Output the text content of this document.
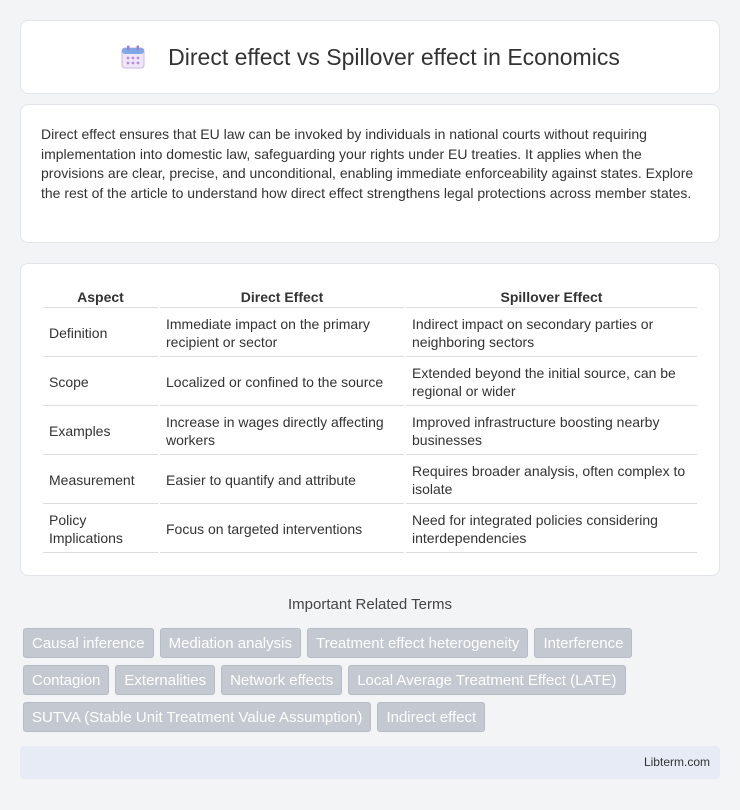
Direct effect vs Spillover effect in Economics

Direct effect ensures that EU law can be invoked by individuals in national courts without requiring implementation into domestic law, safeguarding your rights under EU treaties. It applies when the provisions are clear, precise, and unconditional, enabling immediate enforceability against states. Explore the rest of the article to understand how direct effect strengthens legal protections across member states.

Aspect	Direct Effect	Spillover Effect
Definition	Immediate impact on the primary recipient or sector	Indirect impact on secondary parties or neighboring sectors
Scope	Localized or confined to the source	Extended beyond the initial source, can be regional or wider
Examples	Increase in wages directly affecting workers	Improved infrastructure boosting nearby businesses
Measurement	Easier to quantify and attribute	Requires broader analysis, often complex to isolate
Policy Implications	Focus on targeted interventions	Need for integrated policies considering interdependencies
Important Related Terms
Causal inference	Mediation analysis	Treatment effect heterogeneity	Interference
Contagion	Externalities	Network effects	Local Average Treatment Effect (LATE)
SUTVA (Stable Unit Treatment Value Assumption)	Indirect effect
Libterm.com
